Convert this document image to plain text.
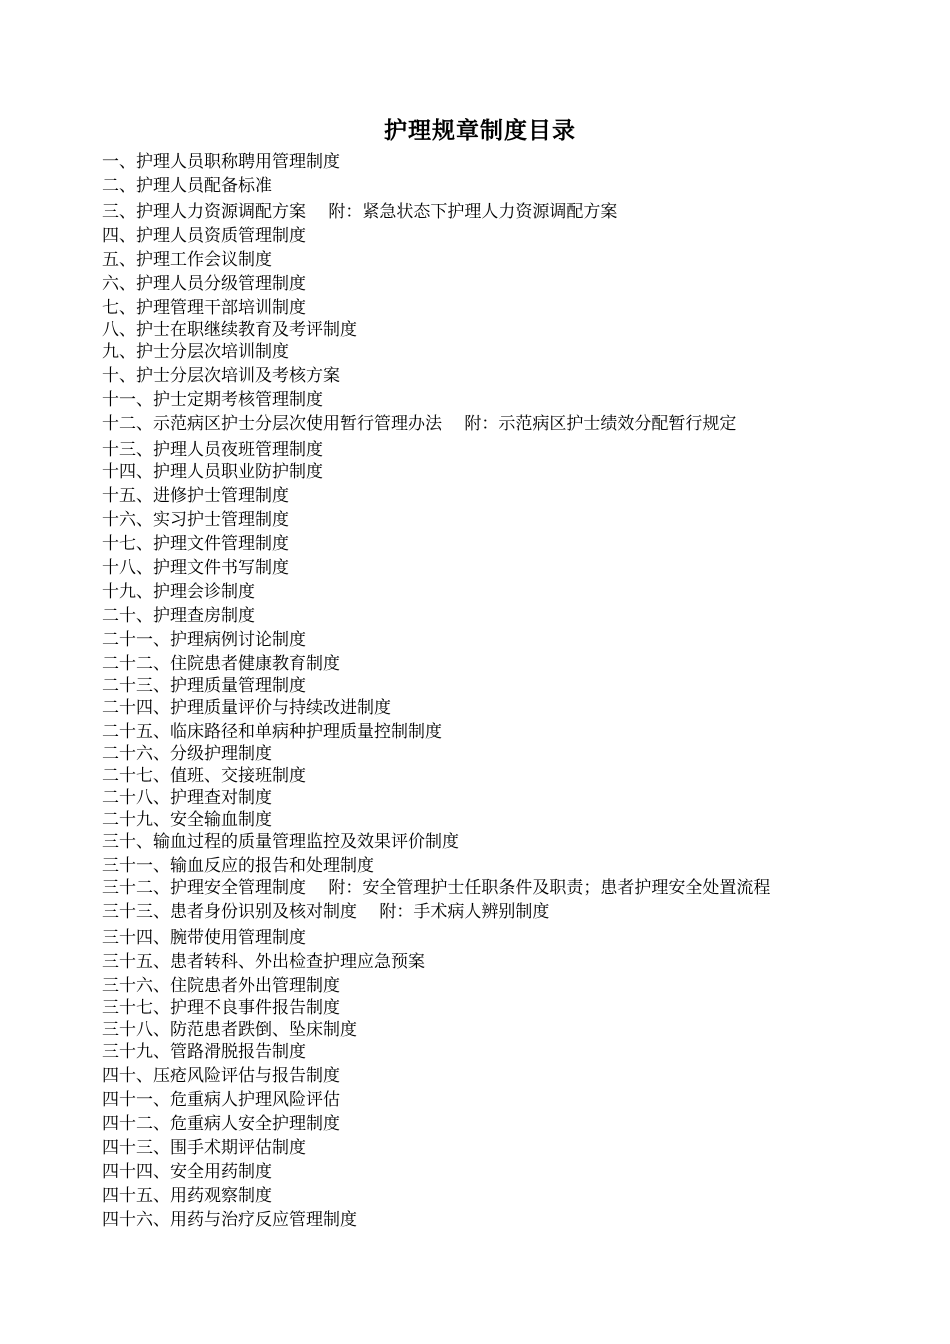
护理规章制度目录
一、护理人员职称聘用管理制度
二、护理人员配备标准
三、护理人力资源调配方案　 附：紧急状态下护理人力资源调配方案
四、护理人员资质管理制度
五、护理工作会议制度
六、护理人员分级管理制度
七、护理管理干部培训制度
八、护士在职继续教育及考评制度
九、护士分层次培训制度
十、护士分层次培训及考核方案
十一、护士定期考核管理制度
十二、示范病区护士分层次使用暂行管理办法　 附：示范病区护士绩效分配暂行规定
十三、护理人员夜班管理制度
十四、护理人员职业防护制度
十五、进修护士管理制度
十六、实习护士管理制度
十七、护理文件管理制度
十八、护理文件书写制度
十九、护理会诊制度
二十、护理查房制度
二十一、护理病例讨论制度
二十二、住院患者健康教育制度
二十三、护理质量管理制度
二十四、护理质量评价与持续改进制度
二十五、临床路径和单病种护理质量控制制度
二十六、分级护理制度
二十七、值班、交接班制度
二十八、护理查对制度
二十九、安全输血制度
三十、输血过程的质量管理监控及效果评价制度
三十一、输血反应的报告和处理制度
三十二、护理安全管理制度　 附：安全管理护士任职条件及职责；患者护理安全处置流程
三十三、患者身份识别及核对制度　 附：手术病人辨别制度
三十四、腕带使用管理制度
三十五、患者转科、外出检查护理应急预案
三十六、住院患者外出管理制度
三十七、护理不良事件报告制度
三十八、防范患者跌倒、坠床制度
三十九、管路滑脱报告制度
四十、压疮风险评估与报告制度
四十一、危重病人护理风险评估
四十二、危重病人安全护理制度
四十三、围手术期评估制度
四十四、安全用药制度
四十五、用药观察制度
四十六、用药与治疗反应管理制度
